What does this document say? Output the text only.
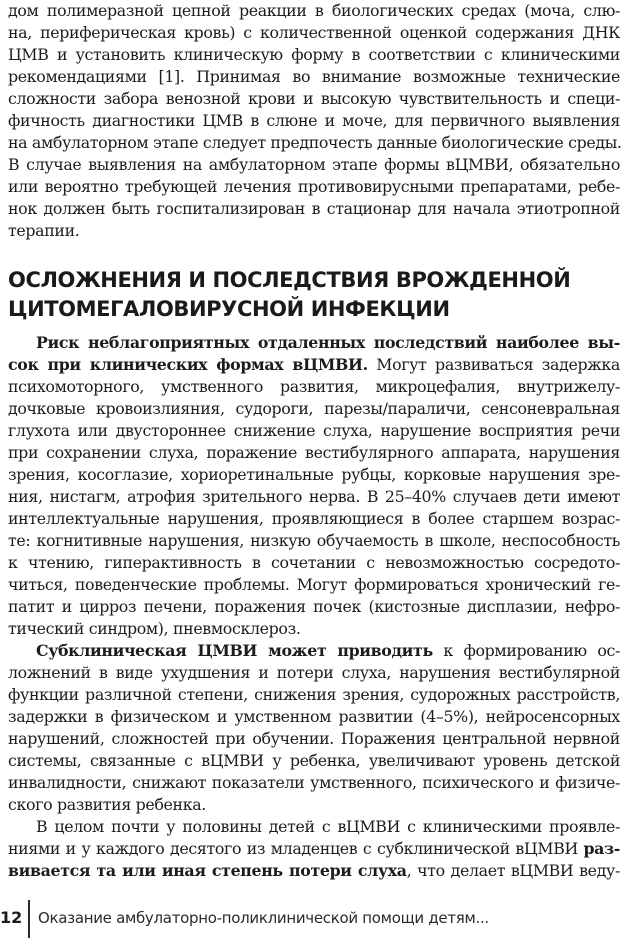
дом полимеразной цепной реакции в биологических средах (моча, слю-
на, периферическая кровь) с количественной оценкой содержания ДНК
ЦМВ и установить клиническую форму в соответствии с клиническими
рекомендациями [1]. Принимая во внимание возможные технические
сложности забора венозной крови и высокую чувствительность и специ-
фичность диагностики ЦМВ в слюне и моче, для первичного выявления
на амбулаторном этапе следует предпочесть данные биологические среды.
В случае выявления на амбулаторном этапе формы вЦМВИ, обязательно
или вероятно требующей лечения противовирусными препаратами, ребе-
нок должен быть госпитализирован в стационар для начала этиотропной
терапии.
ОСЛОЖНЕНИЯ И ПОСЛЕДСТВИЯ ВРОЖДЕННОЙ
ЦИТОМЕГАЛОВИРУСНОЙ ИНФЕКЦИИ
Риск неблагоприятных отдаленных последствий наиболее вы-
сок при клинических формах вЦМВИ. Могут развиваться задержка
психомоторного, умственного развития, микроцефалия, внутрижелу-
дочковые кровоизлияния, судороги, парезы/параличи, сенсоневральная
глухота или двустороннее снижение слуха, нарушение восприятия речи
при сохранении слуха, поражение вестибулярного аппарата, нарушения
зрения, косоглазие, хориоретинальные рубцы, корковые нарушения зре-
ния, нистагм, атрофия зрительного нерва. В 25–40% случаев дети имеют
интеллектуальные нарушения, проявляющиеся в более старшем возрас-
те: когнитивные нарушения, низкую обучаемость в школе, неспособность
к чтению, гиперактивность в сочетании с невозможностью сосредото-
читься, поведенческие проблемы. Могут формироваться хронический ге-
патит и цирроз печени, поражения почек (кистозные дисплазии, нефро-
тический синдром), пневмосклероз.
Субклиническая ЦМВИ может приводить к формированию ос-
ложнений в виде ухудшения и потери слуха, нарушения вестибулярной
функции различной степени, снижения зрения, судорожных расстройств,
задержки в физическом и умственном развитии (4–5%), нейросенсорных
нарушений, сложностей при обучении. Поражения центральной нервной
системы, связанные с вЦМВИ у ребенка, увеличивают уровень детской
инвалидности, снижают показатели умственного, психического и физиче-
ского развития ребенка.
В целом почти у половины детей с вЦМВИ с клиническими проявле-
ниями и у каждого десятого из младенцев с субклинической вЦМВИ раз-
вивается та или иная степень потери слуха, что делает вЦМВИ веду-
12 Оказание амбулаторно-поликлинической помощи детям...
